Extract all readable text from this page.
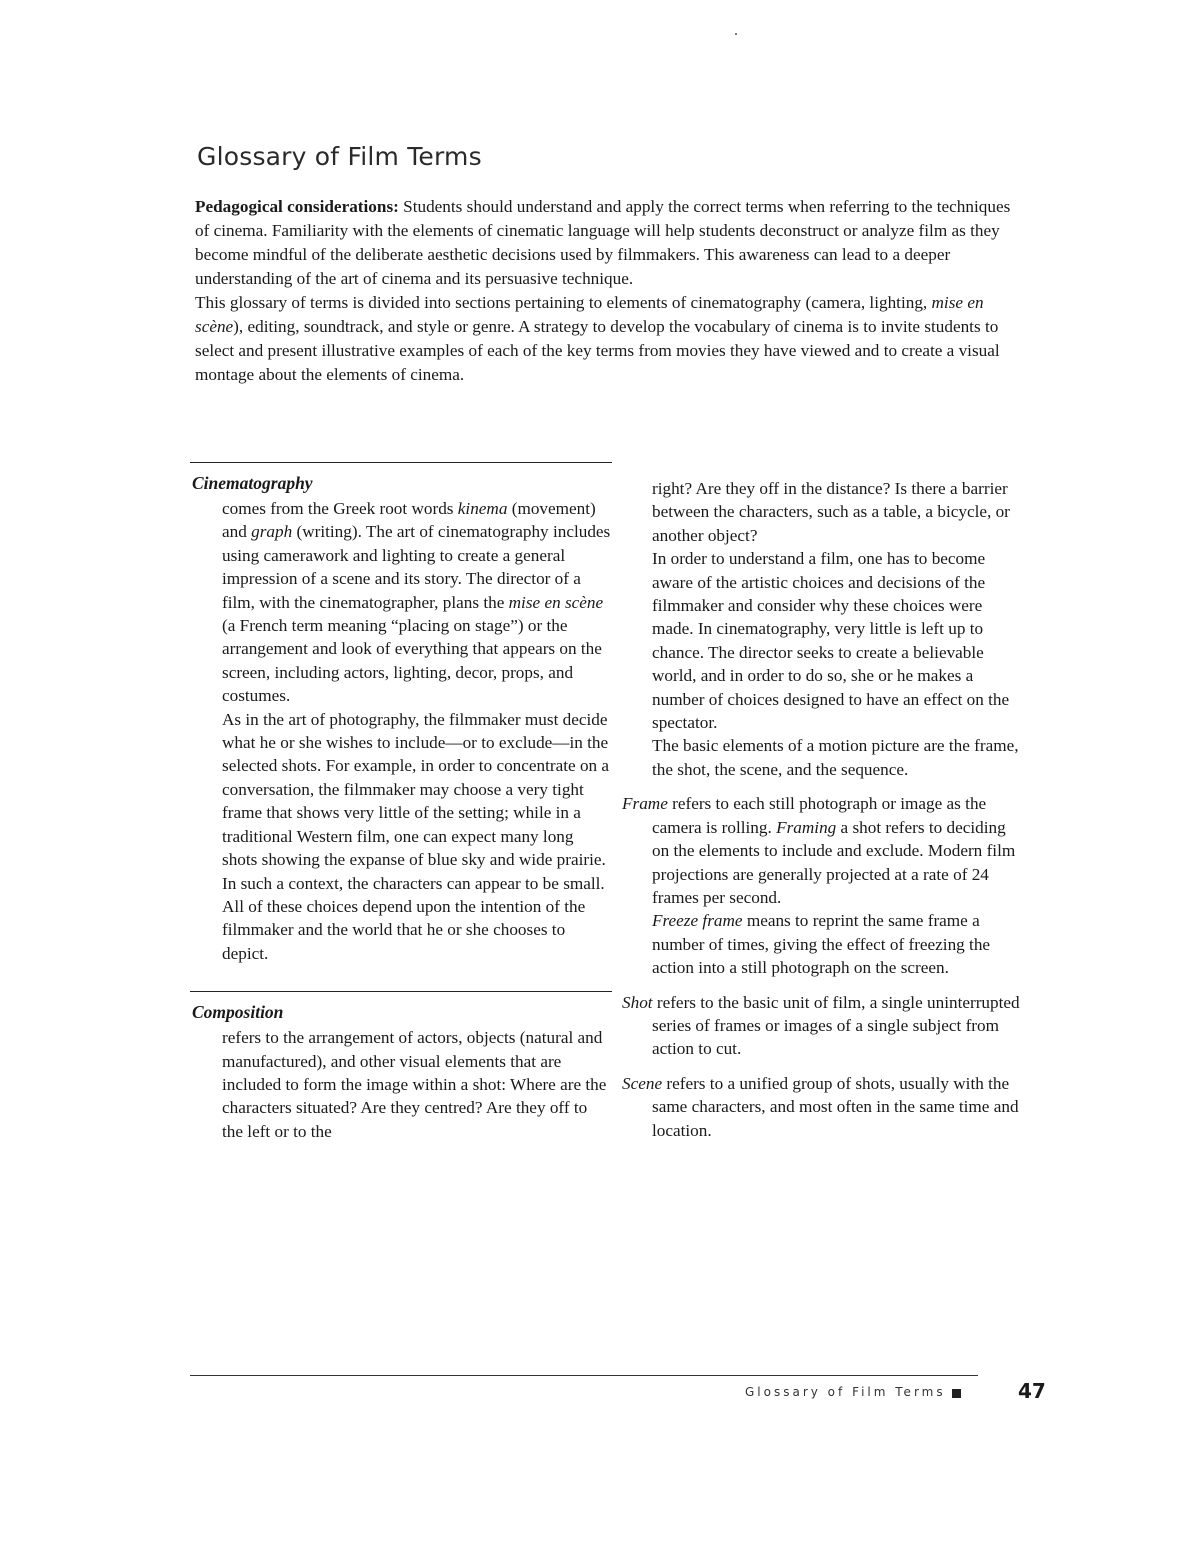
Glossary of Film Terms

Pedagogical considerations: Students should understand and apply the correct terms when referring to the techniques of cinema. Familiarity with the elements of cinematic language will help students deconstruct or analyze film as they become mindful of the deliberate aesthetic decisions used by filmmakers. This awareness can lead to a deeper understanding of the art of cinema and its persuasive technique.

This glossary of terms is divided into sections pertaining to elements of cinematography (camera, lighting, mise en scène), editing, soundtrack, and style or genre. A strategy to develop the vocabulary of cinema is to invite students to select and present illustrative examples of each of the key terms from movies they have viewed and to create a visual montage about the elements of cinema.

Cinematography

comes from the Greek root words kinema (movement) and graph (writing). The art of cinematography includes using camerawork and lighting to create a general impression of a scene and its story. The director of a film, with the cinematographer, plans the mise en scène (a French term meaning “placing on stage”) or the arrangement and look of everything that appears on the screen, including actors, lighting, decor, props, and costumes.

As in the art of photography, the filmmaker must decide what he or she wishes to include—or to exclude—in the selected shots. For example, in order to concentrate on a conversation, the filmmaker may choose a very tight frame that shows very little of the setting; while in a traditional Western film, one can expect many long shots showing the expanse of blue sky and wide prairie. In such a context, the characters can appear to be small. All of these choices depend upon the intention of the filmmaker and the world that he or she chooses to depict.

Composition

refers to the arrangement of actors, objects (natural and manufactured), and other visual elements that are included to form the image within a shot: Where are the characters situated? Are they centred? Are they off to the left or to the

right? Are they off in the distance? Is there a barrier between the characters, such as a table, a bicycle, or another object?

In order to understand a film, one has to become aware of the artistic choices and decisions of the filmmaker and consider why these choices were made. In cinematography, very little is left up to chance. The director seeks to create a believable world, and in order to do so, she or he makes a number of choices designed to have an effect on the spectator.

The basic elements of a motion picture are the frame, the shot, the scene, and the sequence.

Frame refers to each still photograph or image as the camera is rolling. Framing a shot refers to deciding on the elements to include and exclude. Modern film projections are generally projected at a rate of 24 frames per second.
Freeze frame means to reprint the same frame a number of times, giving the effect of freezing the action into a still photograph on the screen.
Shot refers to the basic unit of film, a single uninterrupted series of frames or images of a single subject from action to cut.
Scene refers to a unified group of shots, usually with the same characters, and most often in the same time and location.
Glossary of Film Terms	47
